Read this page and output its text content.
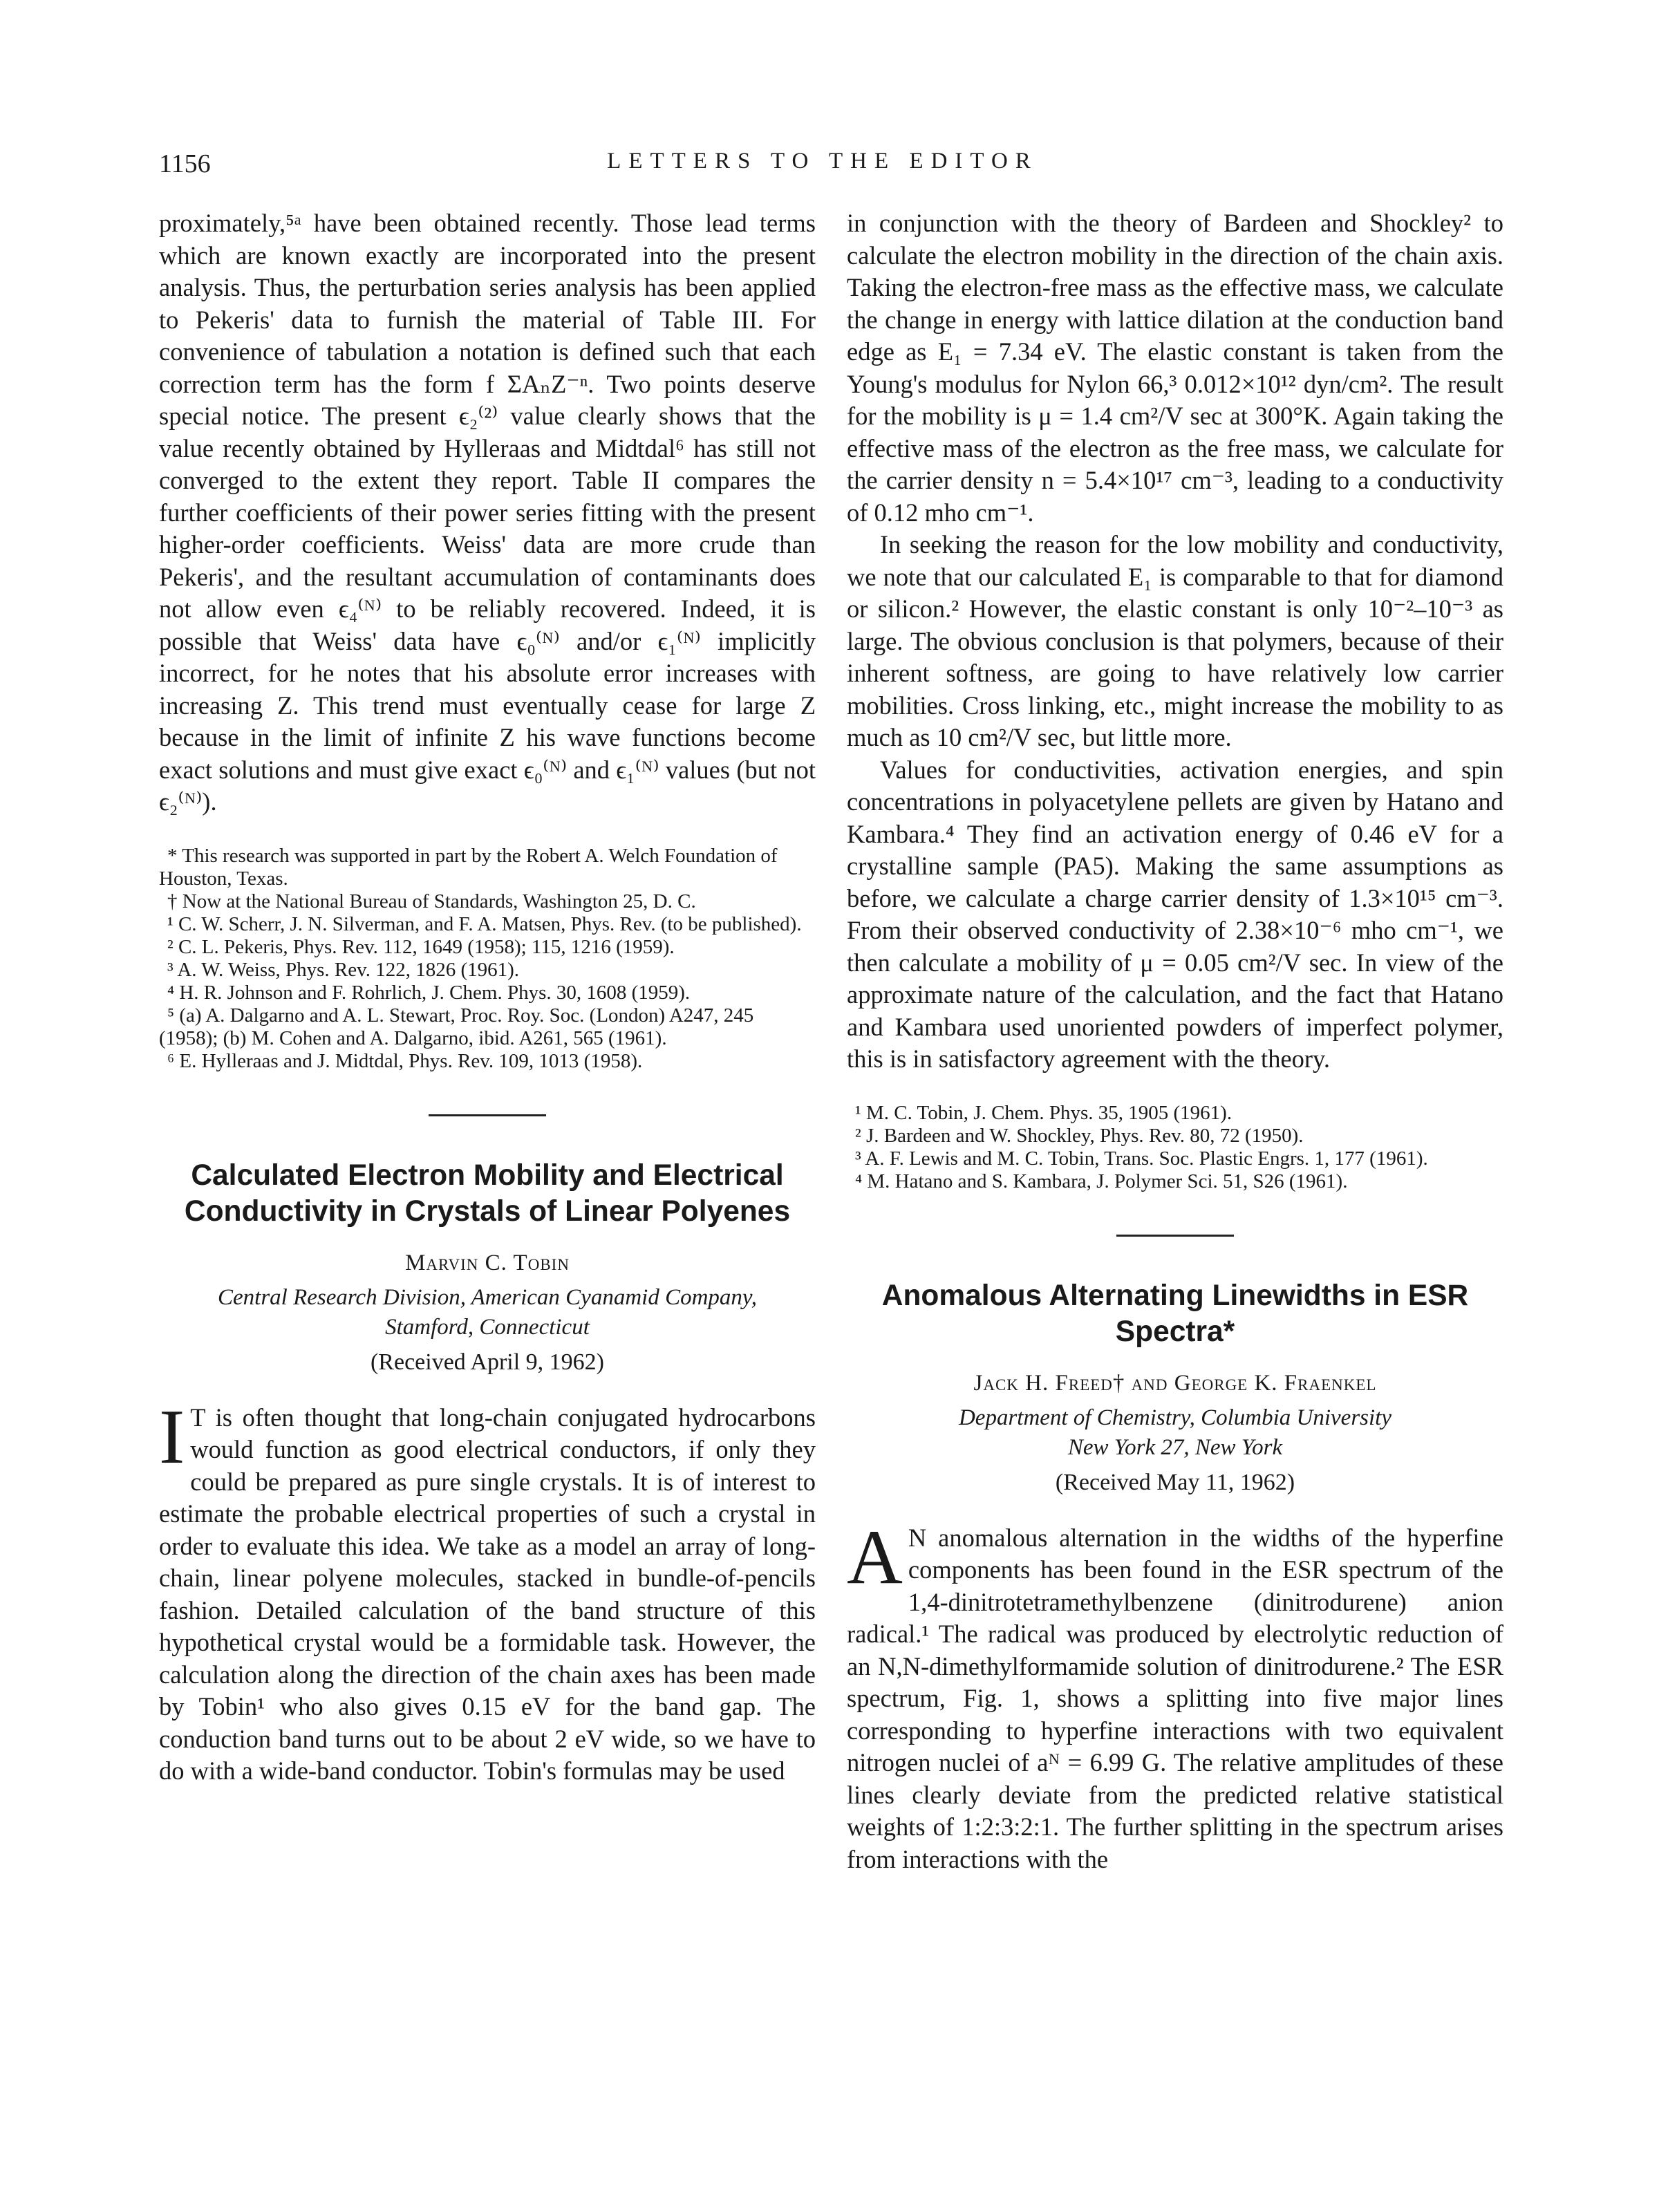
1156	LETTERS TO THE EDITOR

proximately,⁵ᵃ have been obtained recently. Those lead terms which are known exactly are incorporated into the present analysis. Thus, the perturbation series analysis has been applied to Pekeris' data to furnish the material of Table III. For convenience of tabulation a notation is defined such that each correction term has the form f ΣAₙZ⁻ⁿ. Two points deserve special notice. The present ϵ₂⁽²⁾ value clearly shows that the value recently obtained by Hylleraas and Midtdal⁶ has still not converged to the extent they report. Table II compares the further coefficients of their power series fitting with the present higher-order coefficients. Weiss' data are more crude than Pekeris', and the resultant accumulation of contaminants does not allow even ϵ₄⁽ᴺ⁾ to be reliably recovered. Indeed, it is possible that Weiss' data have ϵ₀⁽ᴺ⁾ and/or ϵ₁⁽ᴺ⁾ implicitly incorrect, for he notes that his absolute error increases with increasing Z. This trend must eventually cease for large Z because in the limit of infinite Z his wave functions become exact solutions and must give exact ϵ₀⁽ᴺ⁾ and ϵ₁⁽ᴺ⁾ values (but not ϵ₂⁽ᴺ⁾).

* This research was supported in part by the Robert A. Welch Foundation of Houston, Texas.

† Now at the National Bureau of Standards, Washington 25, D. C.

¹ C. W. Scherr, J. N. Silverman, and F. A. Matsen, Phys. Rev. (to be published).

² C. L. Pekeris, Phys. Rev. 112, 1649 (1958); 115, 1216 (1959).

³ A. W. Weiss, Phys. Rev. 122, 1826 (1961).

⁴ H. R. Johnson and F. Rohrlich, J. Chem. Phys. 30, 1608 (1959).

⁵ (a) A. Dalgarno and A. L. Stewart, Proc. Roy. Soc. (London) A247, 245 (1958); (b) M. Cohen and A. Dalgarno, ibid. A261, 565 (1961).

⁶ E. Hylleraas and J. Midtdal, Phys. Rev. 109, 1013 (1958).

Calculated Electron Mobility and Electrical Conductivity in Crystals of Linear Polyenes

Marvin C. Tobin

Central Research Division, American Cyanamid Company,
Stamford, Connecticut

(Received April 9, 1962)

I T is often thought that long-chain conjugated hydrocarbons would function as good electrical conductors, if only they could be prepared as pure single crystals. It is of interest to estimate the probable electrical properties of such a crystal in order to evaluate this idea. We take as a model an array of long-chain, linear polyene molecules, stacked in bundle-of-pencils fashion. Detailed calculation of the band structure of this hypothetical crystal would be a formidable task. However, the calculation along the direction of the chain axes has been made by Tobin¹ who also gives 0.15 eV for the band gap. The conduction band turns out to be about 2 eV wide, so we have to do with a wide-band conductor. Tobin's formulas may be used

in conjunction with the theory of Bardeen and Shockley² to calculate the electron mobility in the direction of the chain axis. Taking the electron-free mass as the effective mass, we calculate the change in energy with lattice dilation at the conduction band edge as E₁ = 7.34 eV. The elastic constant is taken from the Young's modulus for Nylon 66,³ 0.012×10¹² dyn/cm². The result for the mobility is μ = 1.4 cm²/V sec at 300°K. Again taking the effective mass of the electron as the free mass, we calculate for the carrier density n = 5.4×10¹⁷ cm⁻³, leading to a conductivity of 0.12 mho cm⁻¹.

In seeking the reason for the low mobility and conductivity, we note that our calculated E₁ is comparable to that for diamond or silicon.² However, the elastic constant is only 10⁻²–10⁻³ as large. The obvious conclusion is that polymers, because of their inherent softness, are going to have relatively low carrier mobilities. Cross linking, etc., might increase the mobility to as much as 10 cm²/V sec, but little more.

Values for conductivities, activation energies, and spin concentrations in polyacetylene pellets are given by Hatano and Kambara.⁴ They find an activation energy of 0.46 eV for a crystalline sample (PA5). Making the same assumptions as before, we calculate a charge carrier density of 1.3×10¹⁵ cm⁻³. From their observed conductivity of 2.38×10⁻⁶ mho cm⁻¹, we then calculate a mobility of μ = 0.05 cm²/V sec. In view of the approximate nature of the calculation, and the fact that Hatano and Kambara used unoriented powders of imperfect polymer, this is in satisfactory agreement with the theory.

¹ M. C. Tobin, J. Chem. Phys. 35, 1905 (1961).

² J. Bardeen and W. Shockley, Phys. Rev. 80, 72 (1950).

³ A. F. Lewis and M. C. Tobin, Trans. Soc. Plastic Engrs. 1, 177 (1961).

⁴ M. Hatano and S. Kambara, J. Polymer Sci. 51, S26 (1961).

Anomalous Alternating Linewidths in ESR Spectra*

Jack H. Freed† and George K. Fraenkel

Department of Chemistry, Columbia University
New York 27, New York

(Received May 11, 1962)

A N anomalous alternation in the widths of the hyperfine components has been found in the ESR spectrum of the 1,4-dinitrotetramethylbenzene (dinitrodurene) anion radical.¹ The radical was produced by electrolytic reduction of an N,N-dimethylformamide solution of dinitrodurene.² The ESR spectrum, Fig. 1, shows a splitting into five major lines corresponding to hyperfine interactions with two equivalent nitrogen nuclei of aᴺ = 6.99 G. The relative amplitudes of these lines clearly deviate from the predicted relative statistical weights of 1:2:3:2:1. The further splitting in the spectrum arises from interactions with the
